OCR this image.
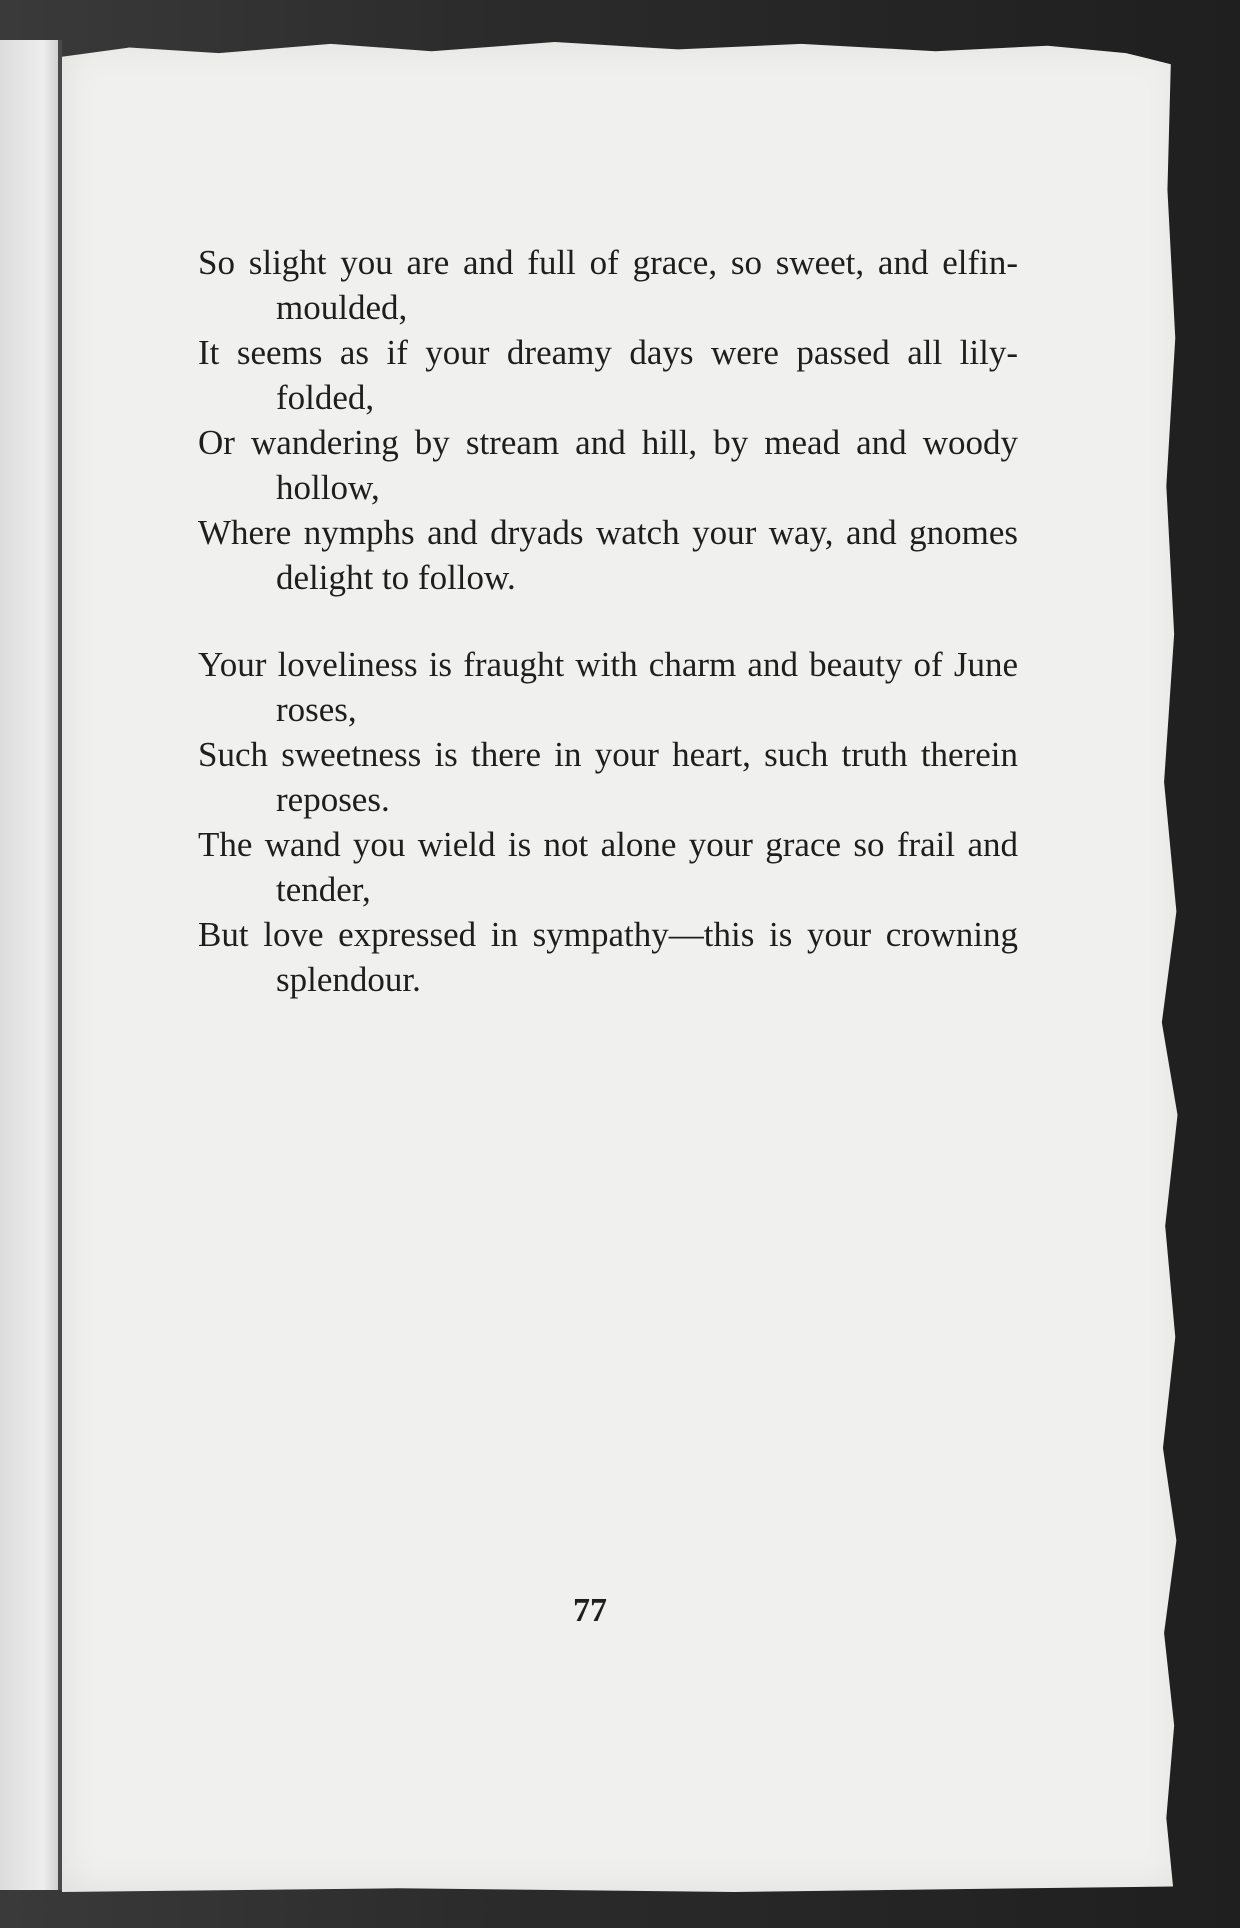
So slight you are and full of grace, so sweet, and elfin-moulded,
It seems as if your dreamy days were passed all lily-folded,
Or wandering by stream and hill, by mead and woody hollow,
Where nymphs and dryads watch your way, and gnomes delight to follow.
Your loveliness is fraught with charm and beauty of June roses,
Such sweetness is there in your heart, such truth therein reposes.
The wand you wield is not alone your grace so frail and tender,
But love expressed in sympathy—this is your crowning splendour.
77
